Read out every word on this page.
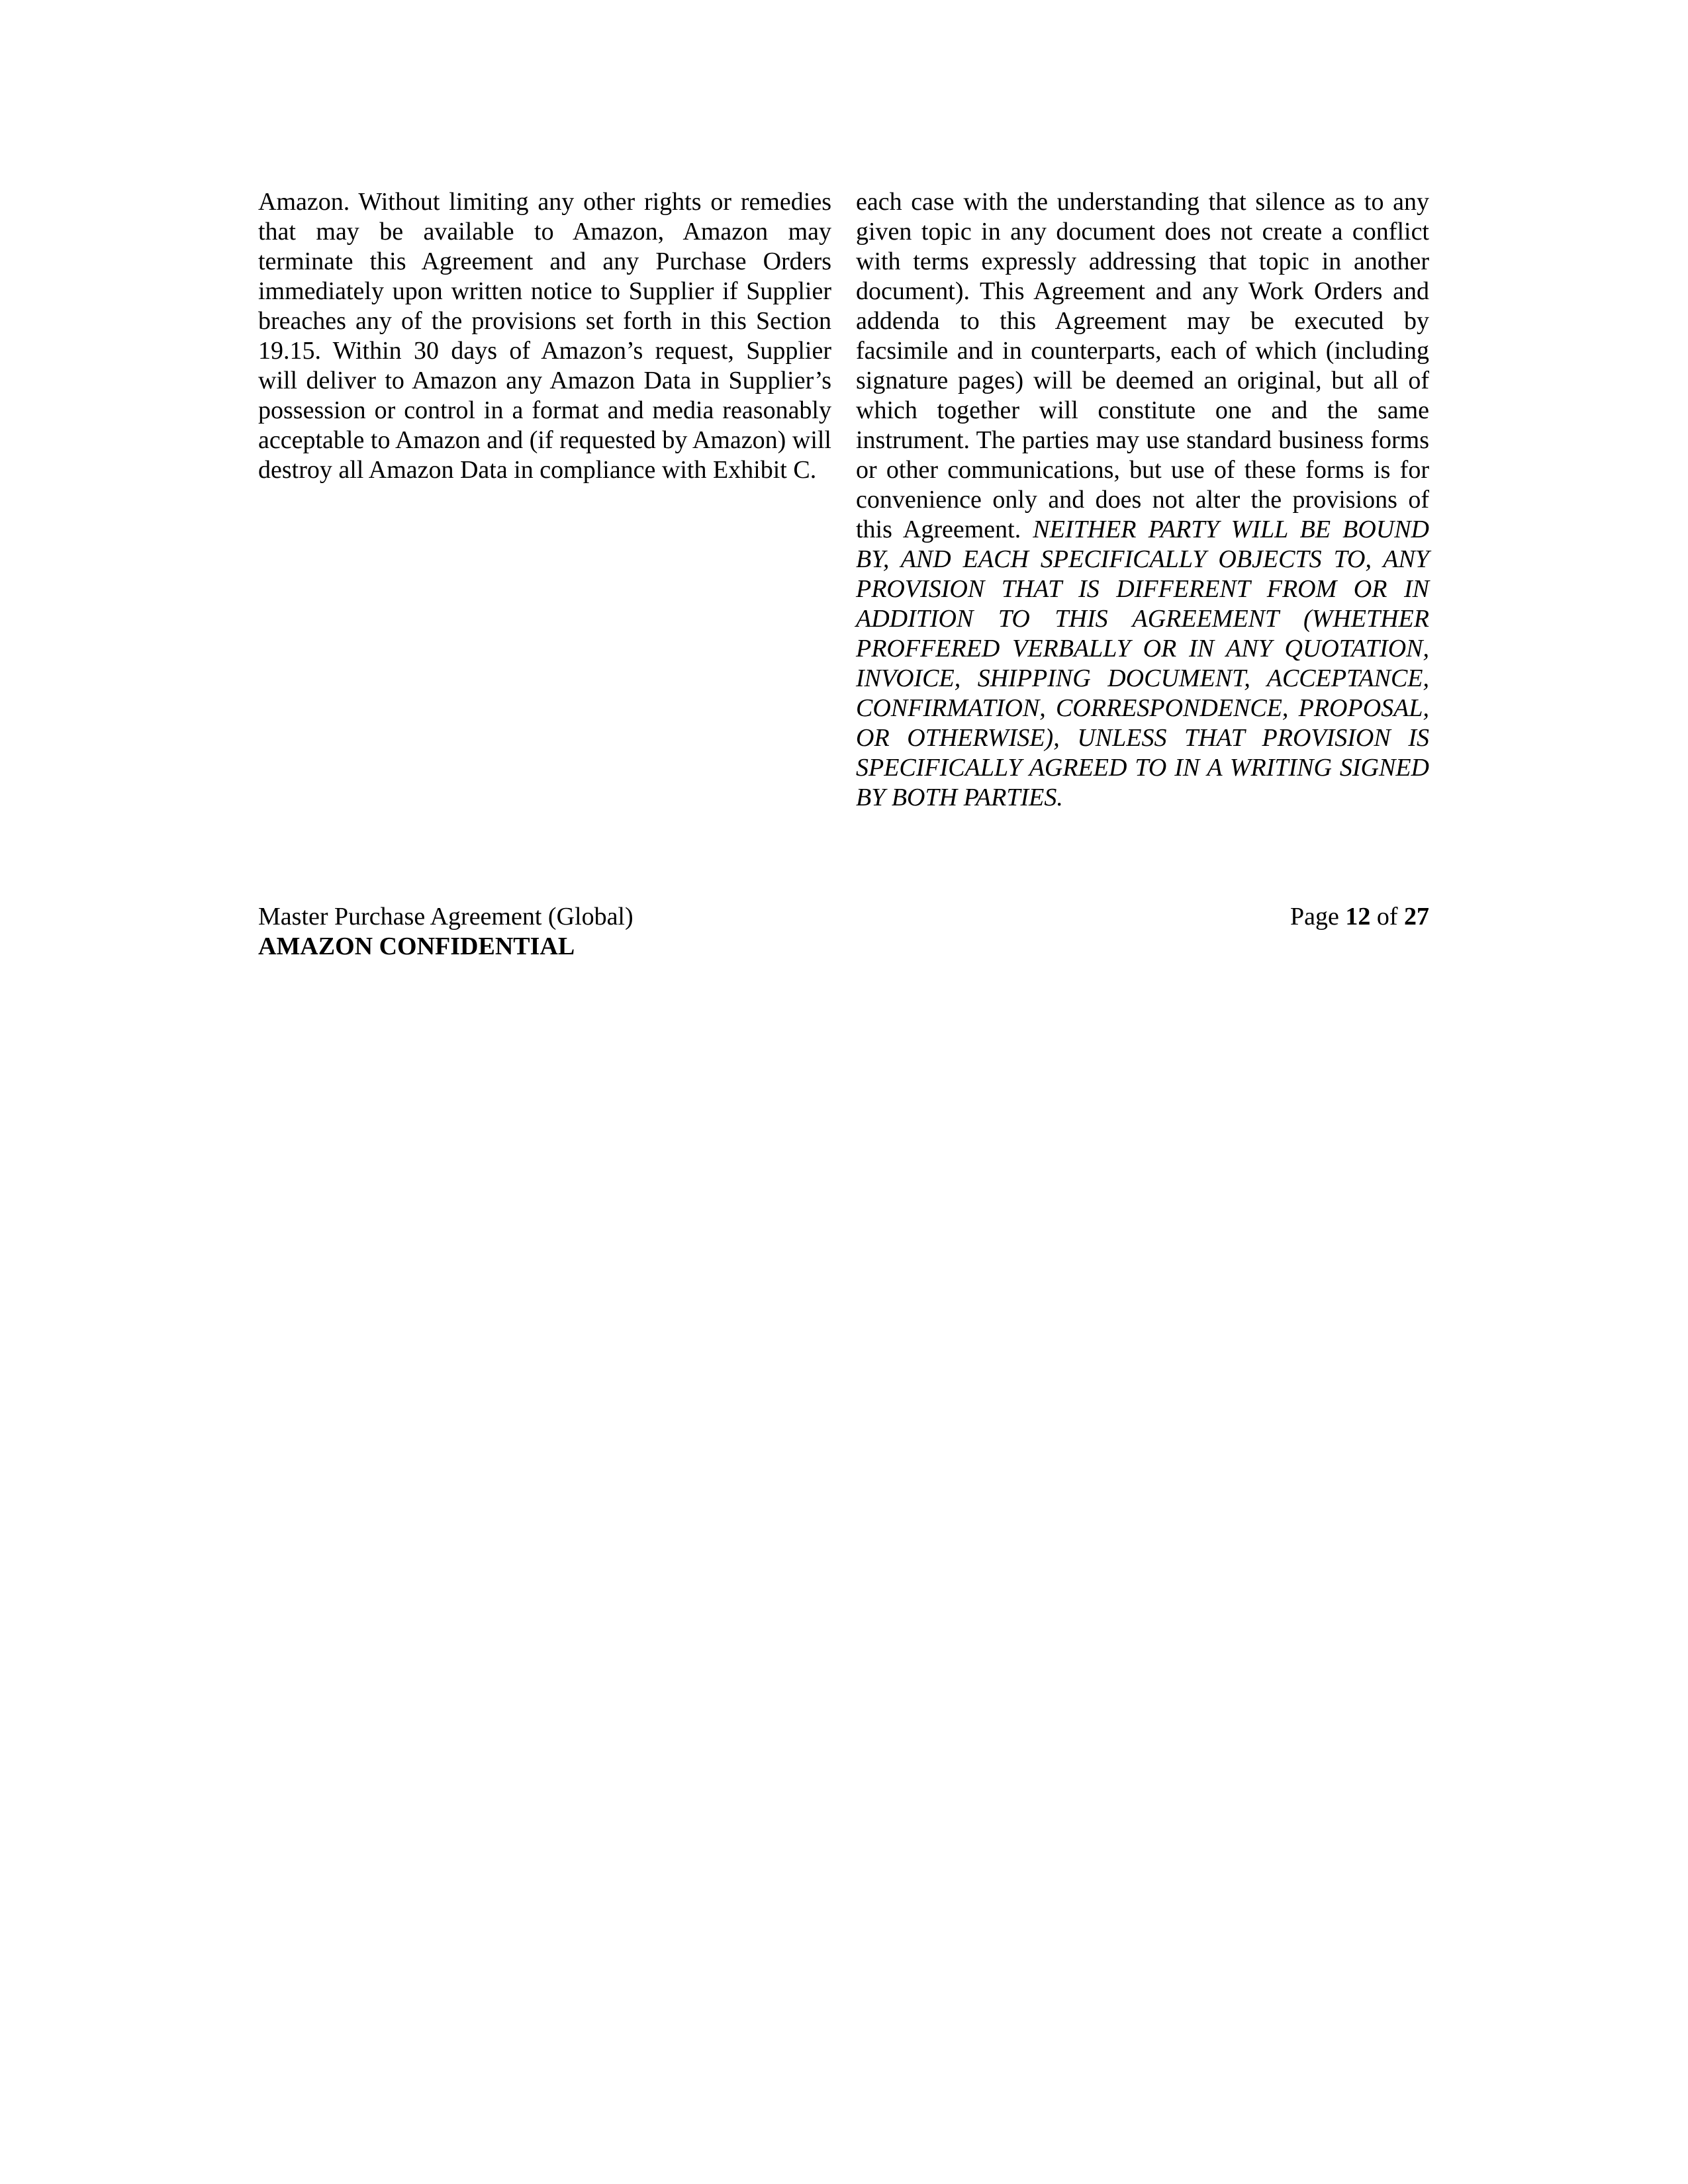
Amazon. Without limiting any other rights or remedies that may be available to Amazon, Amazon may terminate this Agreement and any Purchase Orders immediately upon written notice to Supplier if Supplier breaches any of the provisions set forth in this Section 19.15. Within 30 days of Amazon’s request, Supplier will deliver to Amazon any Amazon Data in Supplier’s possession or control in a format and media reasonably acceptable to Amazon and (if requested by Amazon) will destroy all Amazon Data in compliance with Exhibit C.

each case with the understanding that silence as to any given topic in any document does not create a conflict with terms expressly addressing that topic in another document). This Agreement and any Work Orders and addenda to this Agreement may be executed by facsimile and in counterparts, each of which (including signature pages) will be deemed an original, but all of which together will constitute one and the same instrument. The parties may use standard business forms or other communications, but use of these forms is for convenience only and does not alter the provisions of this Agreement. NEITHER PARTY WILL BE BOUND BY, AND EACH SPECIFICALLY OBJECTS TO, ANY PROVISION THAT IS DIFFERENT FROM OR IN ADDITION TO THIS AGREEMENT (WHETHER PROFFERED VERBALLY OR IN ANY QUOTATION, INVOICE, SHIPPING DOCUMENT, ACCEPTANCE, CONFIRMATION, CORRESPONDENCE, PROPOSAL, OR OTHERWISE), UNLESS THAT PROVISION IS SPECIFICALLY AGREED TO IN A WRITING SIGNED BY BOTH PARTIES.

Master Purchase Agreement (Global)
AMAZON CONFIDENTIAL
Page 12 of 27
